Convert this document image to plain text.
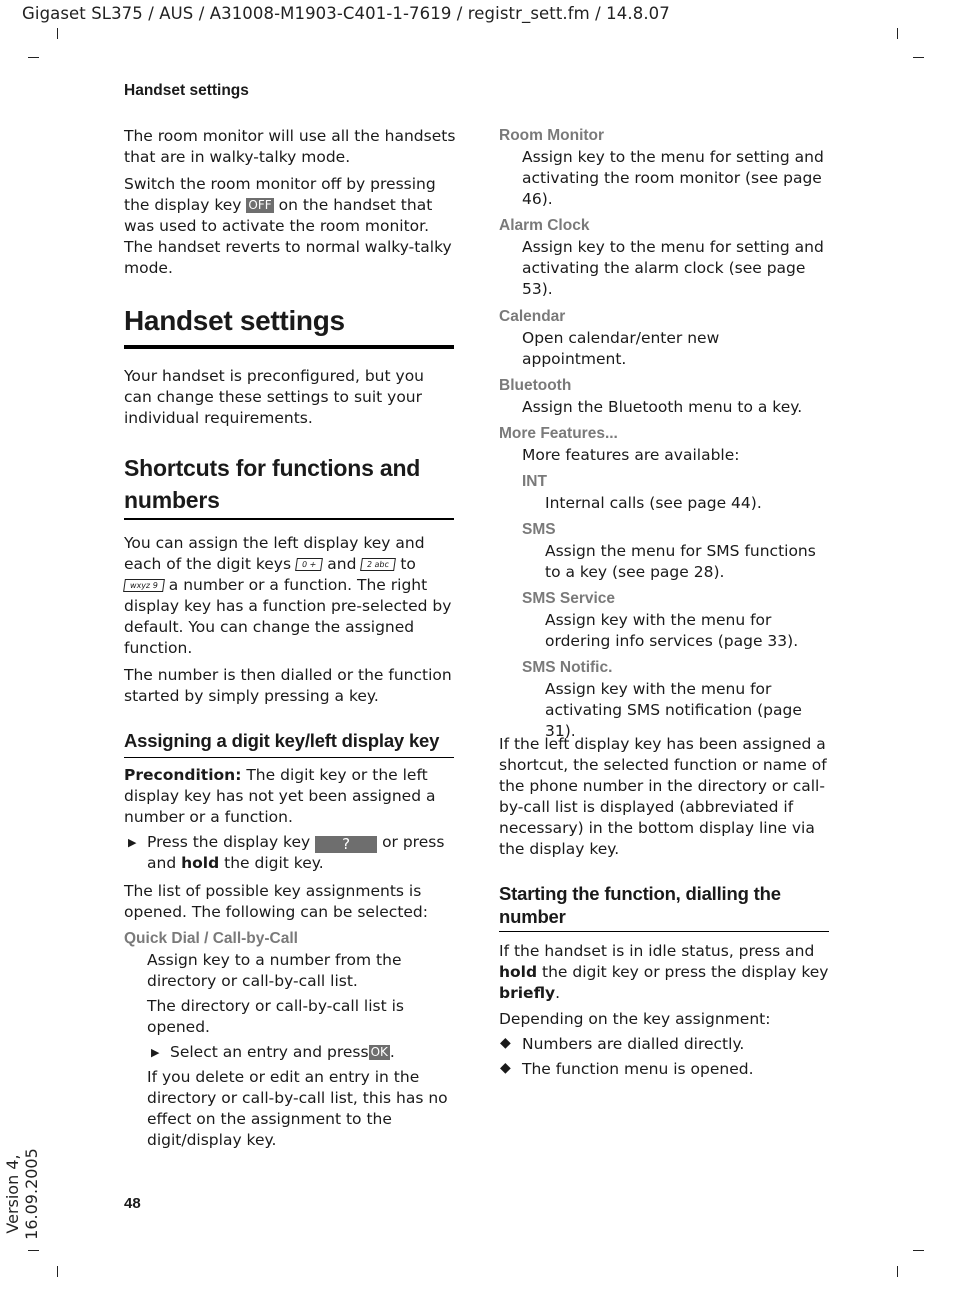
Gigaset SL375 / AUS / A31008-M1903-C401-1-7619 / registr_sett.fm / 14.8.07
Handset settings
The room monitor will use all the handsets that are in walky-talky mode.
Switch the room monitor off by pressing the display key OFF on the handset that was used to activate the room monitor. The handset reverts to normal walky-talky mode.
Handset settings
Your handset is preconfigured, but you can change these settings to suit your individual requirements.
Shortcuts for functions and
numbers
You can assign the left display key and each of the digit keys 0 + and 2 abc to wxyz 9 a number or a function. The right display key has a function pre-selected by default. You can change the assigned function.
The number is then dialled or the function started by simply pressing a key.
Assigning a digit key/left display key
Precondition: The digit key or the left display key has not yet been assigned a number or a function.
▶ Press the display key ? or press and hold the digit key.
The list of possible key assignments is opened. The following can be selected:
Quick Dial / Call-by-Call
Assign key to a number from the directory or call-by-call list.
The directory or call-by-call list is opened.
▶ Select an entry and press OK .
If you delete or edit an entry in the directory or call-by-call list, this has no effect on the assignment to the digit/display key.
Room Monitor
Assign key to the menu for setting and activating the room monitor (see page 46).
Alarm Clock
Assign key to the menu for setting and activating the alarm clock (see page 53).
Calendar
Open calendar/enter new appointment.
Bluetooth
Assign the Bluetooth menu to a key.
More Features...
More features are available:
INT
Internal calls (see page 44).
SMS
Assign the menu for SMS functions to a key (see page 28).
SMS Service
Assign key with the menu for ordering info services (page 33).
SMS Notific.
Assign key with the menu for activating SMS notification (page 31).
If the left display key has been assigned a shortcut, the selected function or name of the phone number in the directory or call-by-call list is displayed (abbreviated if necessary) in the bottom display line via the display key.
Starting the function, dialling the
number
If the handset is in idle status, press and hold the digit key or press the display key briefly.
Depending on the key assignment:
◆ Numbers are dialled directly.
◆ The function menu is opened.
48
Version 4, 16.09.2005
